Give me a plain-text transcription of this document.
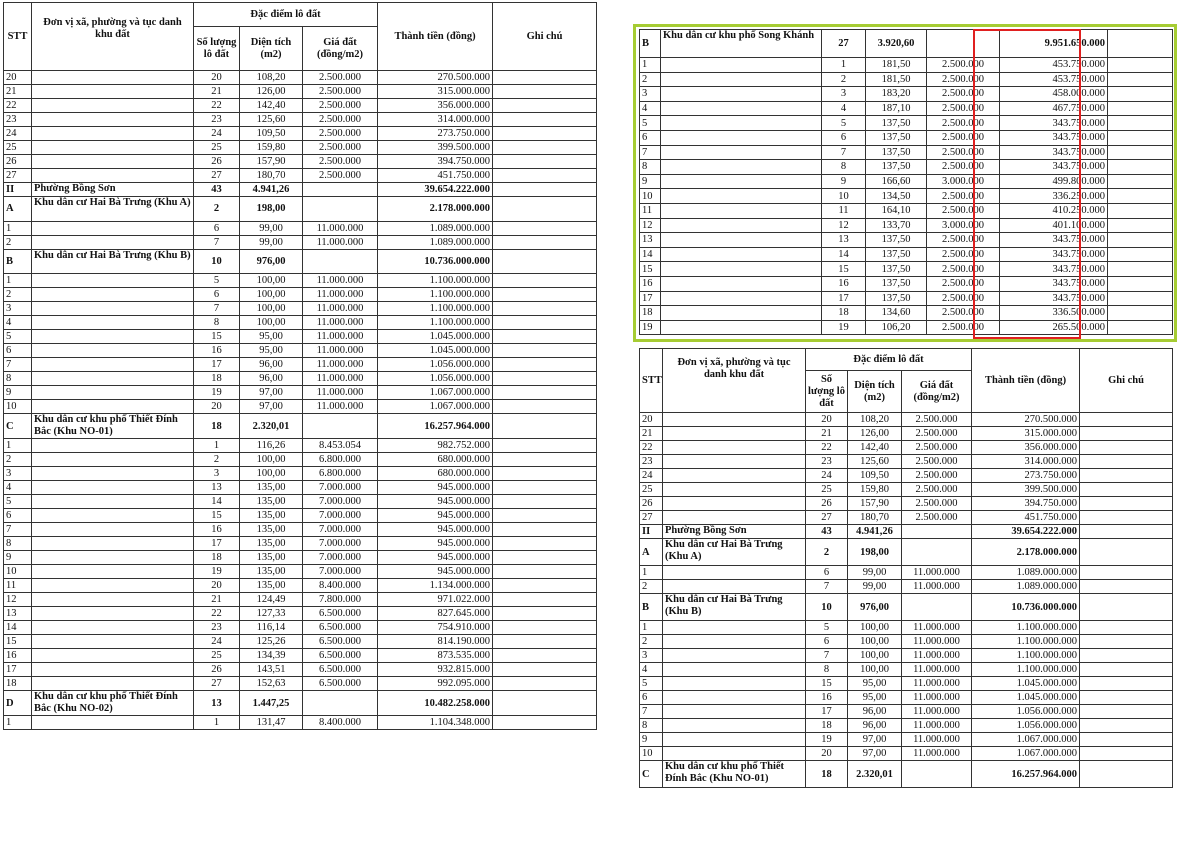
STT	Đơn vị xã, phường và tục danh khu đất	Đặc điểm lô đất			Thành tiền (đồng)	Ghi chú
		Số lượng lô đất	Diện tích (m2)	Giá đất (đồng/m2)		
20		20	108,20	2.500.000	270.500.000	
21		21	126,00	2.500.000	315.000.000	
22		22	142,40	2.500.000	356.000.000	
23		23	125,60	2.500.000	314.000.000	
24		24	109,50	2.500.000	273.750.000	
25		25	159,80	2.500.000	399.500.000	
26		26	157,90	2.500.000	394.750.000	
27		27	180,70	2.500.000	451.750.000	
II	Phường Bồng Sơn	43	4.941,26		39.654.222.000	
A	Khu dân cư Hai Bà Trưng (Khu A)	2	198,00		2.178.000.000	
1		6	99,00	11.000.000	1.089.000.000	
2		7	99,00	11.000.000	1.089.000.000	
B	Khu dân cư Hai Bà Trưng (Khu B)	10	976,00		10.736.000.000	
1		5	100,00	11.000.000	1.100.000.000	
2		6	100,00	11.000.000	1.100.000.000	
3		7	100,00	11.000.000	1.100.000.000	
4		8	100,00	11.000.000	1.100.000.000	
5		15	95,00	11.000.000	1.045.000.000	
6		16	95,00	11.000.000	1.045.000.000	
7		17	96,00	11.000.000	1.056.000.000	
8		18	96,00	11.000.000	1.056.000.000	
9		19	97,00	11.000.000	1.067.000.000	
10		20	97,00	11.000.000	1.067.000.000	
C	Khu dân cư khu phố Thiết Đính Bắc (Khu NO-01)	18	2.320,01		16.257.964.000	
1		1	116,26	8.453.054	982.752.000	
2		2	100,00	6.800.000	680.000.000	
3		3	100,00	6.800.000	680.000.000	
4		13	135,00	7.000.000	945.000.000	
5		14	135,00	7.000.000	945.000.000	
6		15	135,00	7.000.000	945.000.000	
7		16	135,00	7.000.000	945.000.000	
8		17	135,00	7.000.000	945.000.000	
9		18	135,00	7.000.000	945.000.000	
10		19	135,00	7.000.000	945.000.000	
11		20	135,00	8.400.000	1.134.000.000	
12		21	124,49	7.800.000	971.022.000	
13		22	127,33	6.500.000	827.645.000	
14		23	116,14	6.500.000	754.910.000	
15		24	125,26	6.500.000	814.190.000	
16		25	134,39	6.500.000	873.535.000	
17		26	143,51	6.500.000	932.815.000	
18		27	152,63	6.500.000	992.095.000	
D	Khu dân cư khu phố Thiết Đính Bắc (Khu NO-02)	13	1.447,25		10.482.258.000	
1		1	131,47	8.400.000	1.104.348.000	
B	Khu dân cư khu phố Song Khánh	27	3.920,60		9.951.650.000	
1		1	181,50	2.500.000	453.750.000	
2		2	181,50	2.500.000	453.750.000	
3		3	183,20	2.500.000	458.000.000	
4		4	187,10	2.500.000	467.750.000	
5		5	137,50	2.500.000	343.750.000	
6		6	137,50	2.500.000	343.750.000	
7		7	137,50	2.500.000	343.750.000	
8		8	137,50	2.500.000	343.750.000	
9		9	166,60	3.000.000	499.800.000	
10		10	134,50	2.500.000	336.250.000	
11		11	164,10	2.500.000	410.250.000	
12		12	133,70	3.000.000	401.100.000	
13		13	137,50	2.500.000	343.750.000	
14		14	137,50	2.500.000	343.750.000	
15		15	137,50	2.500.000	343.750.000	
16		16	137,50	2.500.000	343.750.000	
17		17	137,50	2.500.000	343.750.000	
18		18	134,60	2.500.000	336.500.000	
19		19	106,20	2.500.000	265.500.000	
STT	Đơn vị xã, phường và tục danh khu đất	Đặc điểm lô đất			Thành tiền (đồng)	Ghi chú
		Số lượng lô đất	Diện tích (m2)	Giá đất (đồng/m2)		
20		20	108,20	2.500.000	270.500.000	
21		21	126,00	2.500.000	315.000.000	
22		22	142,40	2.500.000	356.000.000	
23		23	125,60	2.500.000	314.000.000	
24		24	109,50	2.500.000	273.750.000	
25		25	159,80	2.500.000	399.500.000	
26		26	157,90	2.500.000	394.750.000	
27		27	180,70	2.500.000	451.750.000	
II	Phường Bồng Sơn	43	4.941,26		39.654.222.000	
A	Khu dân cư Hai Bà Trưng (Khu A)	2	198,00		2.178.000.000	
1		6	99,00	11.000.000	1.089.000.000	
2		7	99,00	11.000.000	1.089.000.000	
B	Khu dân cư Hai Bà Trưng (Khu B)	10	976,00		10.736.000.000	
1		5	100,00	11.000.000	1.100.000.000	
2		6	100,00	11.000.000	1.100.000.000	
3		7	100,00	11.000.000	1.100.000.000	
4		8	100,00	11.000.000	1.100.000.000	
5		15	95,00	11.000.000	1.045.000.000	
6		16	95,00	11.000.000	1.045.000.000	
7		17	96,00	11.000.000	1.056.000.000	
8		18	96,00	11.000.000	1.056.000.000	
9		19	97,00	11.000.000	1.067.000.000	
10		20	97,00	11.000.000	1.067.000.000	
C	Khu dân cư khu phố Thiết Đính Bắc (Khu NO-01)	18	2.320,01		16.257.964.000	
